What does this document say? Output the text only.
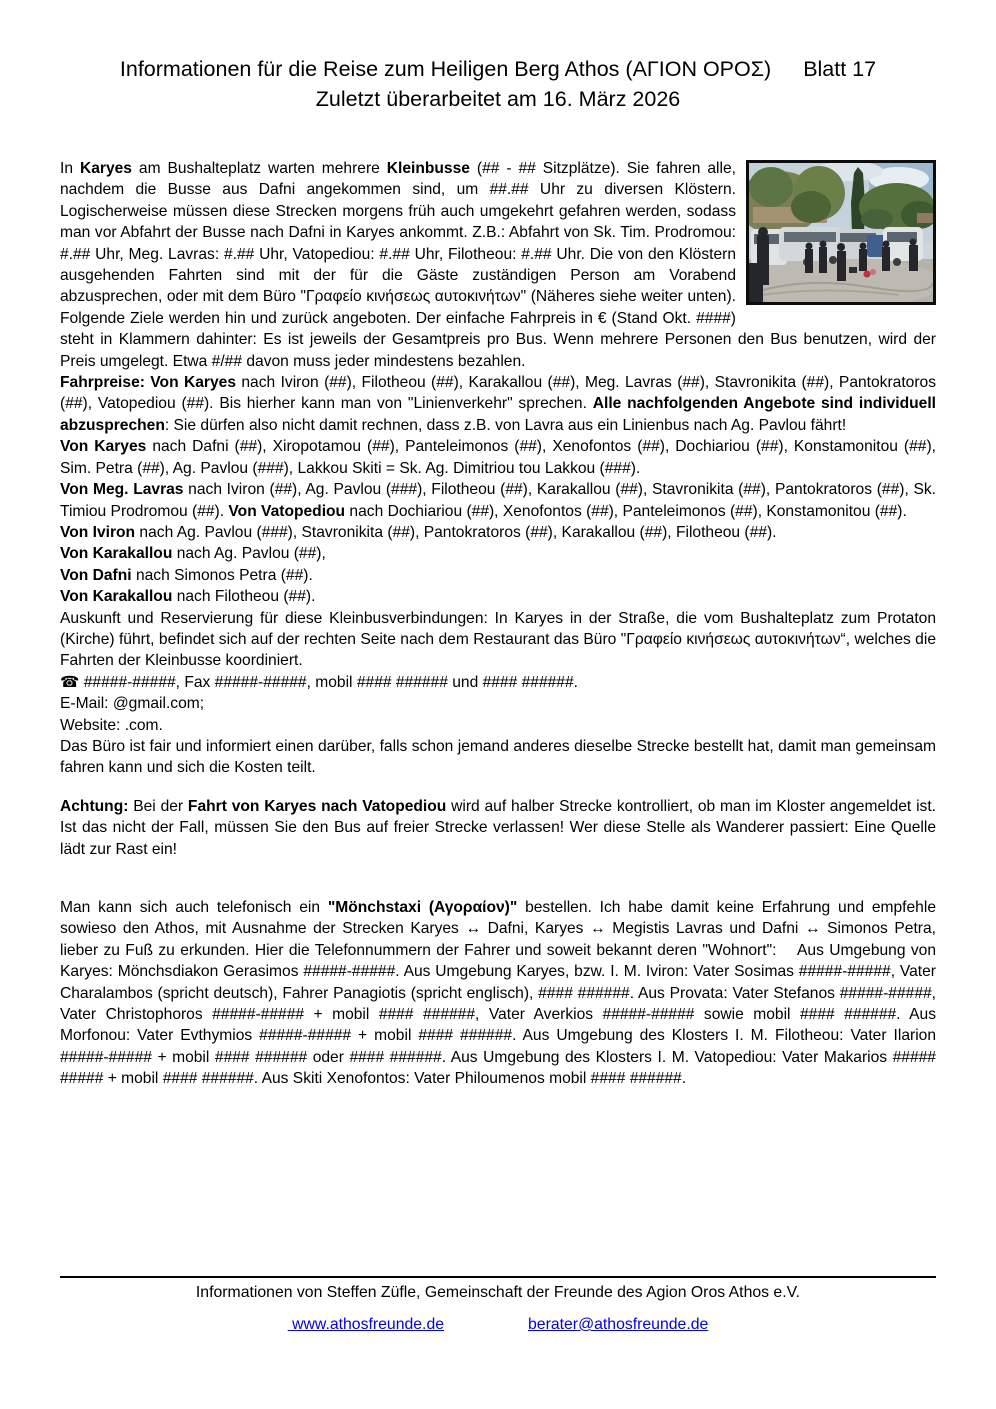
Informationen für die Reise zum Heiligen Berg Athos (ΑΓΙΟΝ ΟΡΟΣ) Blatt 17
Zuletzt überarbeitet am 16. März 2026

In Karyes am Bushalteplatz warten mehrere Kleinbusse (## - ## Sitzplätze). Sie fahren alle, nachdem die Busse aus Dafni angekommen sind, um ##.## Uhr zu diversen Klöstern. Logischerweise müssen diese Strecken morgens früh auch umgekehrt gefahren werden, sodass man vor Abfahrt der Busse nach Dafni in Karyes ankommt. Z.B.: Abfahrt von Sk. Tim. Prodromou: #.## Uhr, Meg. Lavras: #.## Uhr, Vatopediou: #.## Uhr, Filotheou: #.## Uhr. Die von den Klöstern ausgehenden Fahrten sind mit der für die Gäste zuständigen Person am Vorabend abzusprechen, oder mit dem Büro "Γραφείο κινήσεως αυτοκινήτων" (Näheres siehe weiter unten). Folgende Ziele werden hin und zurück angeboten. Der einfache Fahrpreis in € (Stand Okt. ####) steht in Klammern dahinter: Es ist jeweils der Gesamtpreis pro Bus. Wenn mehrere Personen den Bus benutzen, wird der Preis umgelegt. Etwa #/## davon muss jeder mindestens bezahlen.

Fahrpreise: Von Karyes nach Iviron (##), Filotheou (##), Karakallou (##), Meg. Lavras (##), Stavronikita (##), Pantokratoros (##), Vatopediou (##). Bis hierher kann man von "Linienverkehr" sprechen. Alle nachfolgenden Angebote sind individuell abzusprechen: Sie dürfen also nicht damit rechnen, dass z.B. von Lavra aus ein Linienbus nach Ag. Pavlou fährt!

Von Karyes nach Dafni (##), Xiropotamou (##), Panteleimonos (##), Xenofontos (##), Dochiariou (##), Konstamonitou (##), Sim. Petra (##), Ag. Pavlou (###), Lakkou Skiti = Sk. Ag. Dimitriou tou Lakkou (###).

Von Meg. Lavras nach Iviron (##), Ag. Pavlou (###), Filotheou (##), Karakallou (##), Stavronikita (##), Pantokratoros (##), Sk. Timiou Prodromou (##). Von Vatopediou nach Dochiariou (##), Xenofontos (##), Panteleimonos (##), Konstamonitou (##).

Von Iviron nach Ag. Pavlou (###), Stavronikita (##), Pantokratoros (##), Karakallou (##), Filotheou (##).

Von Karakallou nach Ag. Pavlou (##),

Von Dafni nach Simonos Petra (##).

Von Karakallou nach Filotheou (##).

Auskunft und Reservierung für diese Kleinbusverbindungen: In Karyes in der Straße, die vom Bushalteplatz zum Protaton (Kirche) führt, befindet sich auf der rechten Seite nach dem Restaurant das Büro "Γραφείο κινήσεως αυτοκινήτων“, welches die Fahrten der Kleinbusse koordiniert.

☎ #####-#####, Fax #####-#####, mobil #### ###### und #### ######.

E-Mail: @gmail.com;

Website: .com.

Das Büro ist fair und informiert einen darüber, falls schon jemand anderes dieselbe Strecke bestellt hat, damit man gemeinsam fahren kann und sich die Kosten teilt.

Achtung: Bei der Fahrt von Karyes nach Vatopediou wird auf halber Strecke kontrolliert, ob man im Kloster angemeldet ist. Ist das nicht der Fall, müssen Sie den Bus auf freier Strecke verlassen! Wer diese Stelle als Wanderer passiert: Eine Quelle lädt zur Rast ein!

Man kann sich auch telefonisch ein "Mönchstaxi (Αγοραίον)" bestellen. Ich habe damit keine Erfahrung und empfehle sowieso den Athos, mit Ausnahme der Strecken Karyes ↔ Dafni, Karyes ↔ Megistis Lavras und Dafni ↔ Simonos Petra, lieber zu Fuß zu erkunden. Hier die Telefonnummern der Fahrer und soweit bekannt deren "Wohnort":    Aus Umgebung von Karyes: Mönchsdiakon Gerasimos #####-#####. Aus Umgebung Karyes, bzw. I. M. Iviron: Vater Sosimas #####-#####, Vater Charalambos (spricht deutsch), Fahrer Panagiotis (spricht englisch), #### ######. Aus Provata: Vater Stefanos #####-#####, Vater Christophoros #####-##### + mobil #### ######, Vater Averkios #####-##### sowie mobil #### ######. Aus Morfonou: Vater Evthymios #####-##### + mobil #### ######. Aus Umgebung des Klosters I. M. Filotheou: Vater Ilarion #####-##### + mobil #### ###### oder #### ######. Aus Umgebung des Klosters I. M. Vatopediou: Vater Makarios ##### ##### + mobil #### ######. Aus Skiti Xenofontos: Vater Philoumenos mobil #### ######.

Informationen von Steffen Züfle, Gemeinschaft der Freunde des Agion Oros Athos e.V.
www.athosfreunde.de	berater@athosfreunde.de
